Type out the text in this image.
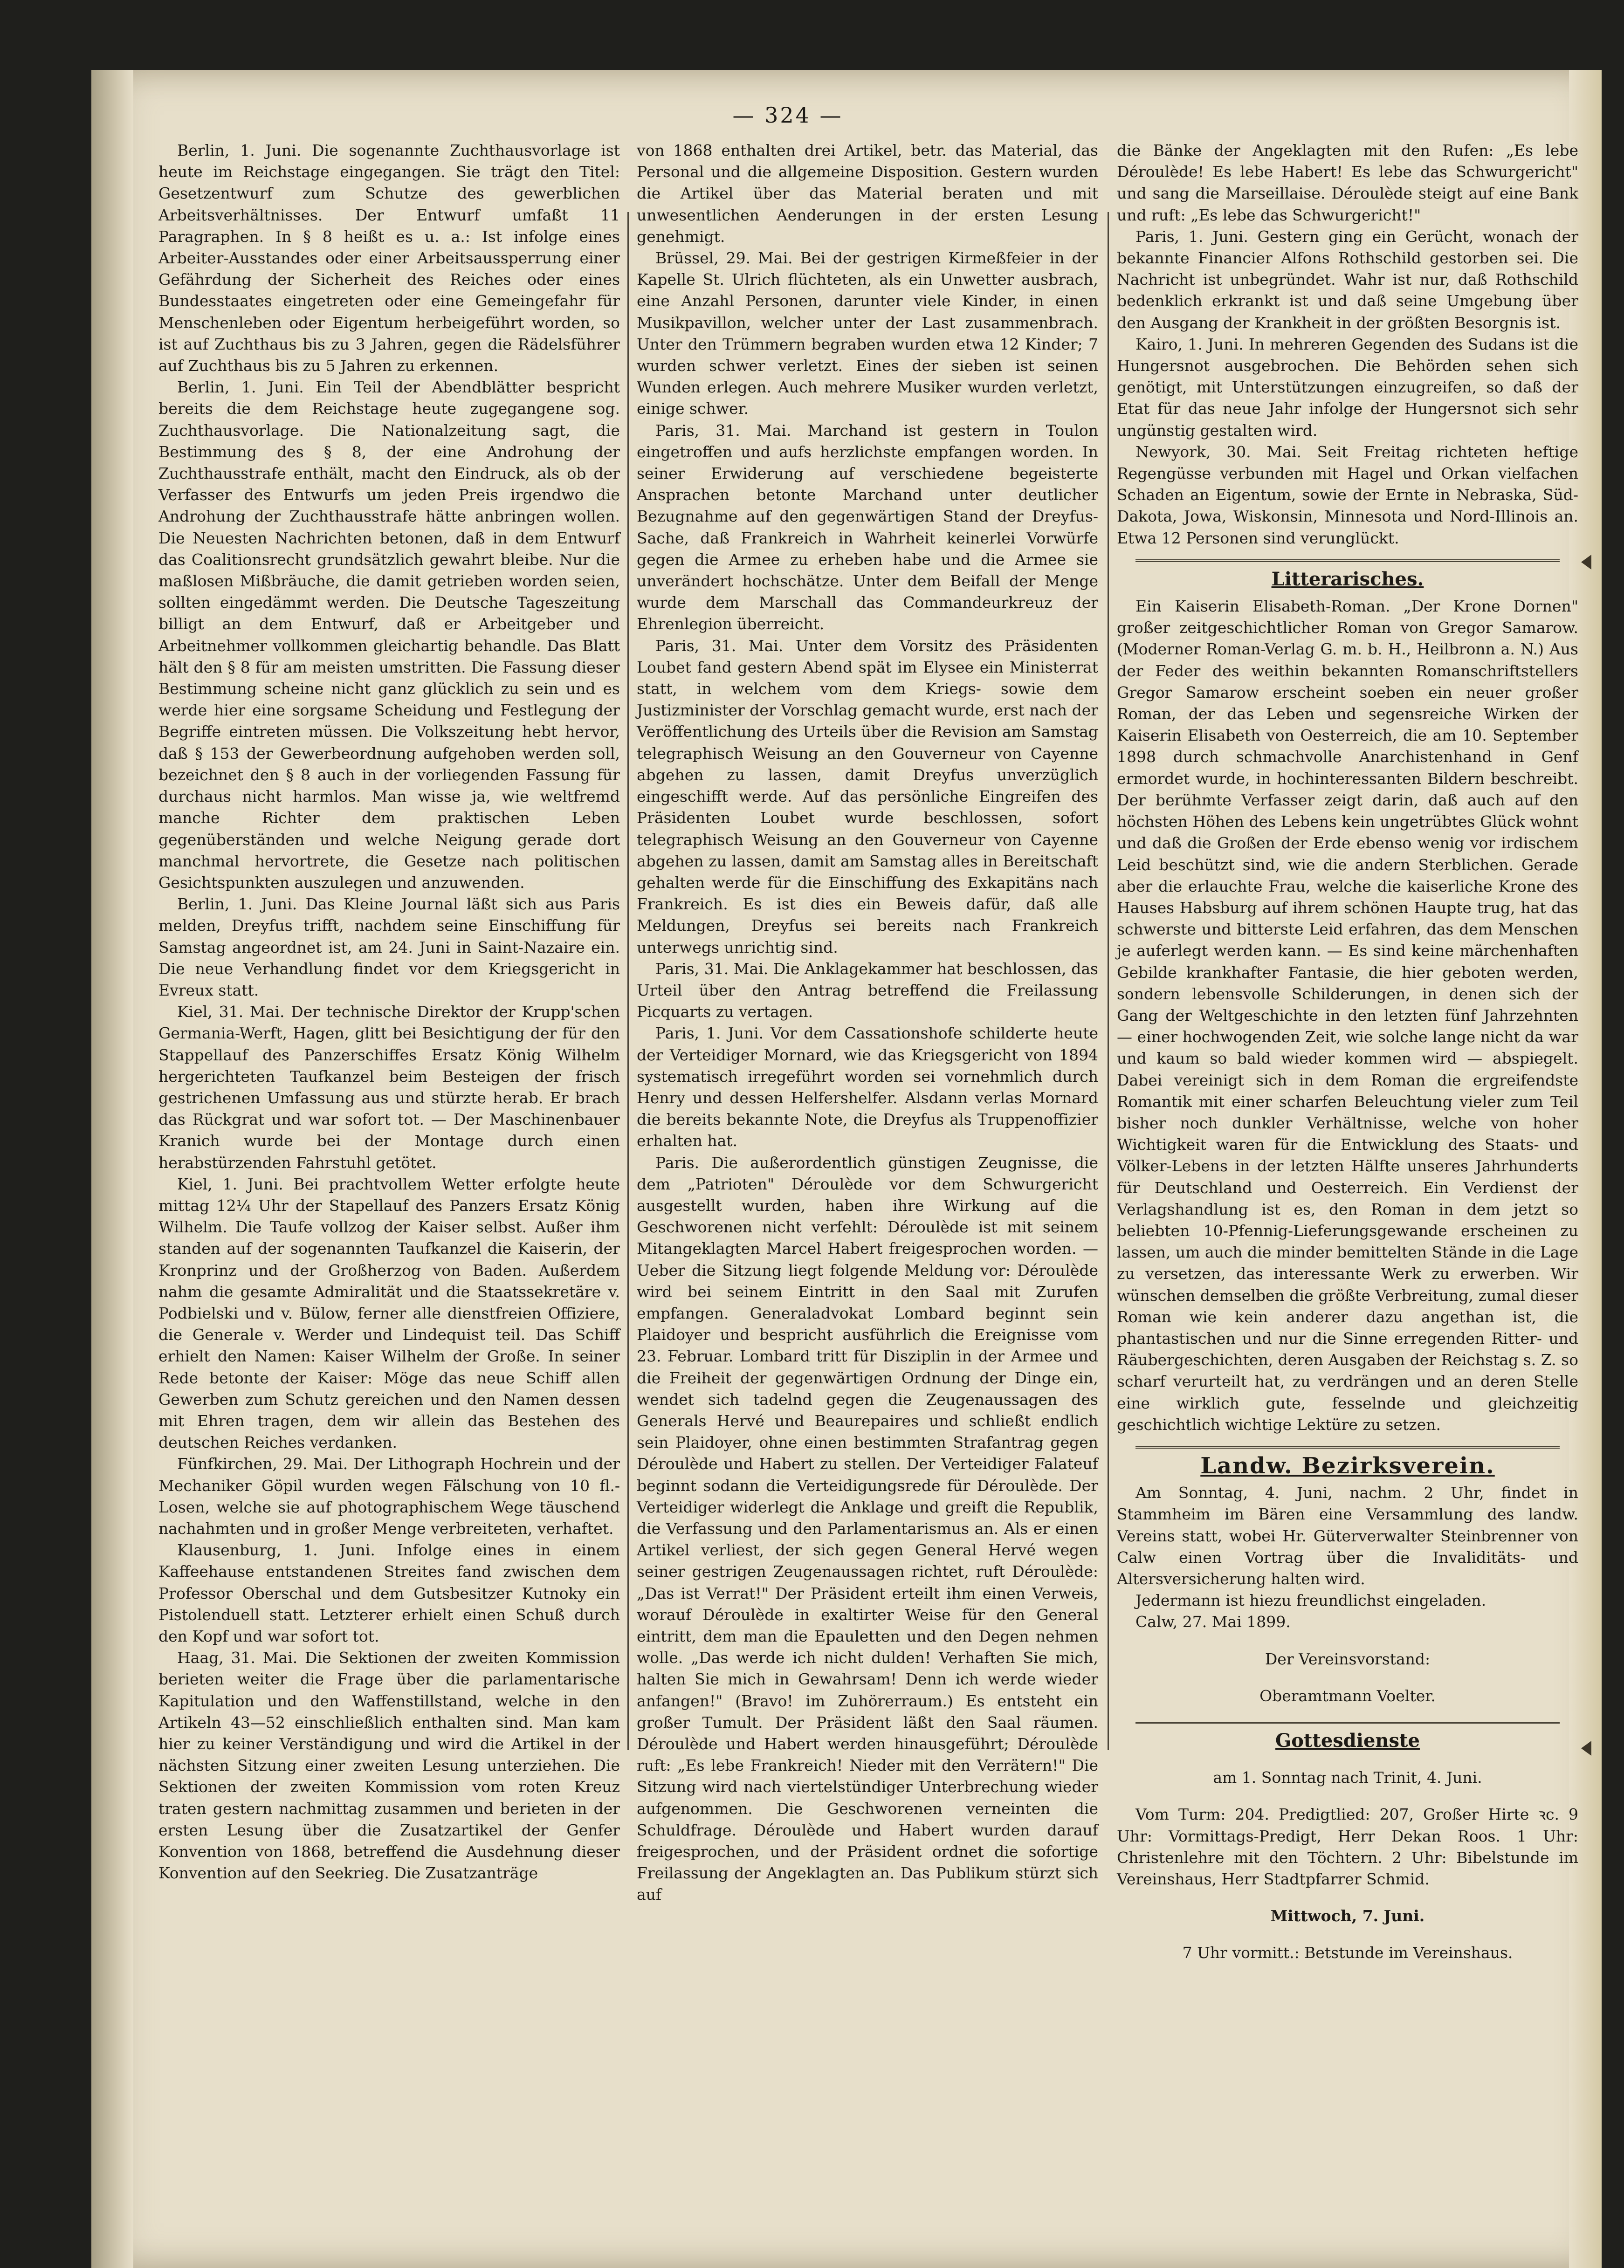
— 324 —

Berlin, 1. Juni. Die sogenannte Zuchthausvorlage ist heute im Reichstage eingegangen. Sie trägt den Titel: Gesetzentwurf zum Schutze des gewerblichen Arbeitsverhältnisses. Der Entwurf umfaßt 11 Paragraphen. In § 8 heißt es u. a.: Ist infolge eines Arbeiter-Ausstandes oder einer Arbeitsaussperrung einer Gefährdung der Sicherheit des Reiches oder eines Bundesstaates eingetreten oder eine Gemeingefahr für Menschenleben oder Eigentum herbeigeführt worden, so ist auf Zuchthaus bis zu 3 Jahren, gegen die Rädelsführer auf Zuchthaus bis zu 5 Jahren zu erkennen.

Berlin, 1. Juni. Ein Teil der Abendblätter bespricht bereits die dem Reichstage heute zugegangene sog. Zuchthausvorlage. Die Nationalzeitung sagt, die Bestimmung des § 8, der eine Androhung der Zuchthausstrafe enthält, macht den Eindruck, als ob der Verfasser des Entwurfs um jeden Preis irgendwo die Androhung der Zuchthausstrafe hätte anbringen wollen. Die Neuesten Nachrichten betonen, daß in dem Entwurf das Coalitionsrecht grundsätzlich gewahrt bleibe. Nur die maßlosen Mißbräuche, die damit getrieben worden seien, sollten eingedämmt werden. Die Deutsche Tageszeitung billigt an dem Entwurf, daß er Arbeitgeber und Arbeitnehmer vollkommen gleichartig behandle. Das Blatt hält den § 8 für am meisten umstritten. Die Fassung dieser Bestimmung scheine nicht ganz glücklich zu sein und es werde hier eine sorgsame Scheidung und Festlegung der Begriffe eintreten müssen. Die Volkszeitung hebt hervor, daß § 153 der Gewerbeordnung aufgehoben werden soll, bezeichnet den § 8 auch in der vorliegenden Fassung für durchaus nicht harmlos. Man wisse ja, wie weltfremd manche Richter dem praktischen Leben gegenüberständen und welche Neigung gerade dort manchmal hervortrete, die Gesetze nach politischen Gesichtspunkten auszulegen und anzuwenden.

Berlin, 1. Juni. Das Kleine Journal läßt sich aus Paris melden, Dreyfus trifft, nachdem seine Einschiffung für Samstag angeordnet ist, am 24. Juni in Saint-Nazaire ein. Die neue Verhandlung findet vor dem Kriegsgericht in Evreux statt.

Kiel, 31. Mai. Der technische Direktor der Krupp'schen Germania-Werft, Hagen, glitt bei Besichtigung der für den Stappellauf des Panzerschiffes Ersatz König Wilhelm hergerichteten Taufkanzel beim Besteigen der frisch gestrichenen Umfassung aus und stürzte herab. Er brach das Rückgrat und war sofort tot. — Der Maschinenbauer Kranich wurde bei der Montage durch einen herabstürzenden Fahrstuhl getötet.

Kiel, 1. Juni. Bei prachtvollem Wetter erfolgte heute mittag 12¼ Uhr der Stapellauf des Panzers Ersatz König Wilhelm. Die Taufe vollzog der Kaiser selbst. Außer ihm standen auf der sogenannten Taufkanzel die Kaiserin, der Kronprinz und der Großherzog von Baden. Außerdem nahm die gesamte Admiralität und die Staatssekretäre v. Podbielski und v. Bülow, ferner alle dienstfreien Offiziere, die Generale v. Werder und Lindequist teil. Das Schiff erhielt den Namen: Kaiser Wilhelm der Große. In seiner Rede betonte der Kaiser: Möge das neue Schiff allen Gewerben zum Schutz gereichen und den Namen dessen mit Ehren tragen, dem wir allein das Bestehen des deutschen Reiches verdanken.

Fünfkirchen, 29. Mai. Der Lithograph Hochrein und der Mechaniker Göpil wurden wegen Fälschung von 10 fl.-Losen, welche sie auf photographischem Wege täuschend nachahmten und in großer Menge verbreiteten, verhaftet.

Klausenburg, 1. Juni. Infolge eines in einem Kaffeehause entstandenen Streites fand zwischen dem Professor Oberschal und dem Gutsbesitzer Kutnoky ein Pistolenduell statt. Letzterer erhielt einen Schuß durch den Kopf und war sofort tot.

Haag, 31. Mai. Die Sektionen der zweiten Kommission berieten weiter die Frage über die parlamentarische Kapitulation und den Waffenstillstand, welche in den Artikeln 43—52 einschließlich enthalten sind. Man kam hier zu keiner Verständigung und wird die Artikel in der nächsten Sitzung einer zweiten Lesung unterziehen. Die Sektionen der zweiten Kommission vom roten Kreuz traten gestern nachmittag zusammen und berieten in der ersten Lesung über die Zusatzartikel der Genfer Konvention von 1868, betreffend die Ausdehnung dieser Konvention auf den Seekrieg. Die Zusatzanträge

von 1868 enthalten drei Artikel, betr. das Material, das Personal und die allgemeine Disposition. Gestern wurden die Artikel über das Material beraten und mit unwesentlichen Aenderungen in der ersten Lesung genehmigt.

Brüssel, 29. Mai. Bei der gestrigen Kirmeßfeier in der Kapelle St. Ulrich flüchteten, als ein Unwetter ausbrach, eine Anzahl Personen, darunter viele Kinder, in einen Musikpavillon, welcher unter der Last zusammenbrach. Unter den Trümmern begraben wurden etwa 12 Kinder; 7 wurden schwer verletzt. Eines der sieben ist seinen Wunden erlegen. Auch mehrere Musiker wurden verletzt, einige schwer.

Paris, 31. Mai. Marchand ist gestern in Toulon eingetroffen und aufs herzlichste empfangen worden. In seiner Erwiderung auf verschiedene begeisterte Ansprachen betonte Marchand unter deutlicher Bezugnahme auf den gegenwärtigen Stand der Dreyfus-Sache, daß Frankreich in Wahrheit keinerlei Vorwürfe gegen die Armee zu erheben habe und die Armee sie unverändert hochschätze. Unter dem Beifall der Menge wurde dem Marschall das Commandeurkreuz der Ehrenlegion überreicht.

Paris, 31. Mai. Unter dem Vorsitz des Präsidenten Loubet fand gestern Abend spät im Elysee ein Ministerrat statt, in welchem vom dem Kriegs- sowie dem Justizminister der Vorschlag gemacht wurde, erst nach der Veröffentlichung des Urteils über die Revision am Samstag telegraphisch Weisung an den Gouverneur von Cayenne abgehen zu lassen, damit Dreyfus unverzüglich eingeschifft werde. Auf das persönliche Eingreifen des Präsidenten Loubet wurde beschlossen, sofort telegraphisch Weisung an den Gouverneur von Cayenne abgehen zu lassen, damit am Samstag alles in Bereitschaft gehalten werde für die Einschiffung des Exkapitäns nach Frankreich. Es ist dies ein Beweis dafür, daß alle Meldungen, Dreyfus sei bereits nach Frankreich unterwegs unrichtig sind.

Paris, 31. Mai. Die Anklagekammer hat beschlossen, das Urteil über den Antrag betreffend die Freilassung Picquarts zu vertagen.

Paris, 1. Juni. Vor dem Cassationshofe schilderte heute der Verteidiger Mornard, wie das Kriegsgericht von 1894 systematisch irregeführt worden sei vornehmlich durch Henry und dessen Helfershelfer. Alsdann verlas Mornard die bereits bekannte Note, die Dreyfus als Truppenoffizier erhalten hat.

Paris. Die außerordentlich günstigen Zeugnisse, die dem „Patrioten" Déroulède vor dem Schwurgericht ausgestellt wurden, haben ihre Wirkung auf die Geschworenen nicht verfehlt: Déroulède ist mit seinem Mitangeklagten Marcel Habert freigesprochen worden. — Ueber die Sitzung liegt folgende Meldung vor: Déroulède wird bei seinem Eintritt in den Saal mit Zurufen empfangen. Generaladvokat Lombard beginnt sein Plaidoyer und bespricht ausführlich die Ereignisse vom 23. Februar. Lombard tritt für Disziplin in der Armee und die Freiheit der gegenwärtigen Ordnung der Dinge ein, wendet sich tadelnd gegen die Zeugenaussagen des Generals Hervé und Beaurepaires und schließt endlich sein Plaidoyer, ohne einen bestimmten Strafantrag gegen Déroulède und Habert zu stellen. Der Verteidiger Falateuf beginnt sodann die Verteidigungsrede für Déroulède. Der Verteidiger widerlegt die Anklage und greift die Republik, die Verfassung und den Parlamentarismus an. Als er einen Artikel verliest, der sich gegen General Hervé wegen seiner gestrigen Zeugenaussagen richtet, ruft Déroulède: „Das ist Verrat!" Der Präsident erteilt ihm einen Verweis, worauf Déroulède in exaltirter Weise für den General eintritt, dem man die Epauletten und den Degen nehmen wolle. „Das werde ich nicht dulden! Verhaften Sie mich, halten Sie mich in Gewahrsam! Denn ich werde wieder anfangen!" (Bravo! im Zuhörerraum.) Es entsteht ein großer Tumult. Der Präsident läßt den Saal räumen. Déroulède und Habert werden hinausgeführt; Déroulède ruft: „Es lebe Frankreich! Nieder mit den Verrätern!" Die Sitzung wird nach viertelstündiger Unterbrechung wieder aufgenommen. Die Geschworenen verneinten die Schuldfrage. Déroulède und Habert wurden darauf freigesprochen, und der Präsident ordnet die sofortige Freilassung der Angeklagten an. Das Publikum stürzt sich auf

die Bänke der Angeklagten mit den Rufen: „Es lebe Déroulède! Es lebe Habert! Es lebe das Schwurgericht" und sang die Marseillaise. Déroulède steigt auf eine Bank und ruft: „Es lebe das Schwurgericht!"

Paris, 1. Juni. Gestern ging ein Gerücht, wonach der bekannte Financier Alfons Rothschild gestorben sei. Die Nachricht ist unbegründet. Wahr ist nur, daß Rothschild bedenklich erkrankt ist und daß seine Umgebung über den Ausgang der Krankheit in der größten Besorgnis ist.

Kairo, 1. Juni. In mehreren Gegenden des Sudans ist die Hungersnot ausgebrochen. Die Behörden sehen sich genötigt, mit Unterstützungen einzugreifen, so daß der Etat für das neue Jahr infolge der Hungersnot sich sehr ungünstig gestalten wird.

Newyork, 30. Mai. Seit Freitag richteten heftige Regengüsse verbunden mit Hagel und Orkan vielfachen Schaden an Eigentum, sowie der Ernte in Nebraska, Süd-Dakota, Jowa, Wiskonsin, Minnesota und Nord-Illinois an. Etwa 12 Personen sind verunglückt.

Litterarisches.

Ein Kaiserin Elisabeth-Roman. „Der Krone Dornen" großer zeitgeschichtlicher Roman von Gregor Samarow. (Moderner Roman-Verlag G. m. b. H., Heilbronn a. N.) Aus der Feder des weithin bekannten Romanschriftstellers Gregor Samarow erscheint soeben ein neuer großer Roman, der das Leben und segensreiche Wirken der Kaiserin Elisabeth von Oesterreich, die am 10. September 1898 durch schmachvolle Anarchistenhand in Genf ermordet wurde, in hochinteressanten Bildern beschreibt. Der berühmte Verfasser zeigt darin, daß auch auf den höchsten Höhen des Lebens kein ungetrübtes Glück wohnt und daß die Großen der Erde ebenso wenig vor irdischem Leid beschützt sind, wie die andern Sterblichen. Gerade aber die erlauchte Frau, welche die kaiserliche Krone des Hauses Habsburg auf ihrem schönen Haupte trug, hat das schwerste und bitterste Leid erfahren, das dem Menschen je auferlegt werden kann. — Es sind keine märchenhaften Gebilde krankhafter Fantasie, die hier geboten werden, sondern lebensvolle Schilderungen, in denen sich der Gang der Weltgeschichte in den letzten fünf Jahrzehnten — einer hochwogenden Zeit, wie solche lange nicht da war und kaum so bald wieder kommen wird — abspiegelt. Dabei vereinigt sich in dem Roman die ergreifendste Romantik mit einer scharfen Beleuchtung vieler zum Teil bisher noch dunkler Verhältnisse, welche von hoher Wichtigkeit waren für die Entwicklung des Staats- und Völker-Lebens in der letzten Hälfte unseres Jahrhunderts für Deutschland und Oesterreich. Ein Verdienst der Verlagshandlung ist es, den Roman in dem jetzt so beliebten 10-Pfennig-Lieferungsgewande erscheinen zu lassen, um auch die minder bemittelten Stände in die Lage zu versetzen, das interessante Werk zu erwerben. Wir wünschen demselben die größte Verbreitung, zumal dieser Roman wie kein anderer dazu angethan ist, die phantastischen und nur die Sinne erregenden Ritter- und Räubergeschichten, deren Ausgaben der Reichstag s. Z. so scharf verurteilt hat, zu verdrängen und an deren Stelle eine wirklich gute, fesselnde und gleichzeitig geschichtlich wichtige Lektüre zu setzen.

Landw. Bezirksverein.

Am Sonntag, 4. Juni, nachm. 2 Uhr, findet in Stammheim im Bären eine Versammlung des landw. Vereins statt, wobei Hr. Güterverwalter Steinbrenner von Calw einen Vortrag über die Invaliditäts- und Altersversicherung halten wird.

Jedermann ist hiezu freundlichst eingeladen.

Calw, 27. Mai 1899.

Der Vereinsvorstand:

Oberamtmann Voelter.

Gottesdienste

am 1. Sonntag nach Trinit, 4. Juni.

Vom Turm: 204. Predigtlied: 207, Großer Hirte ꝛc. 9 Uhr: Vormittags-Predigt, Herr Dekan Roos. 1 Uhr: Christenlehre mit den Töchtern. 2 Uhr: Bibelstunde im Vereinshaus, Herr Stadtpfarrer Schmid.

Mittwoch, 7. Juni.

7 Uhr vormitt.: Betstunde im Vereinshaus.
